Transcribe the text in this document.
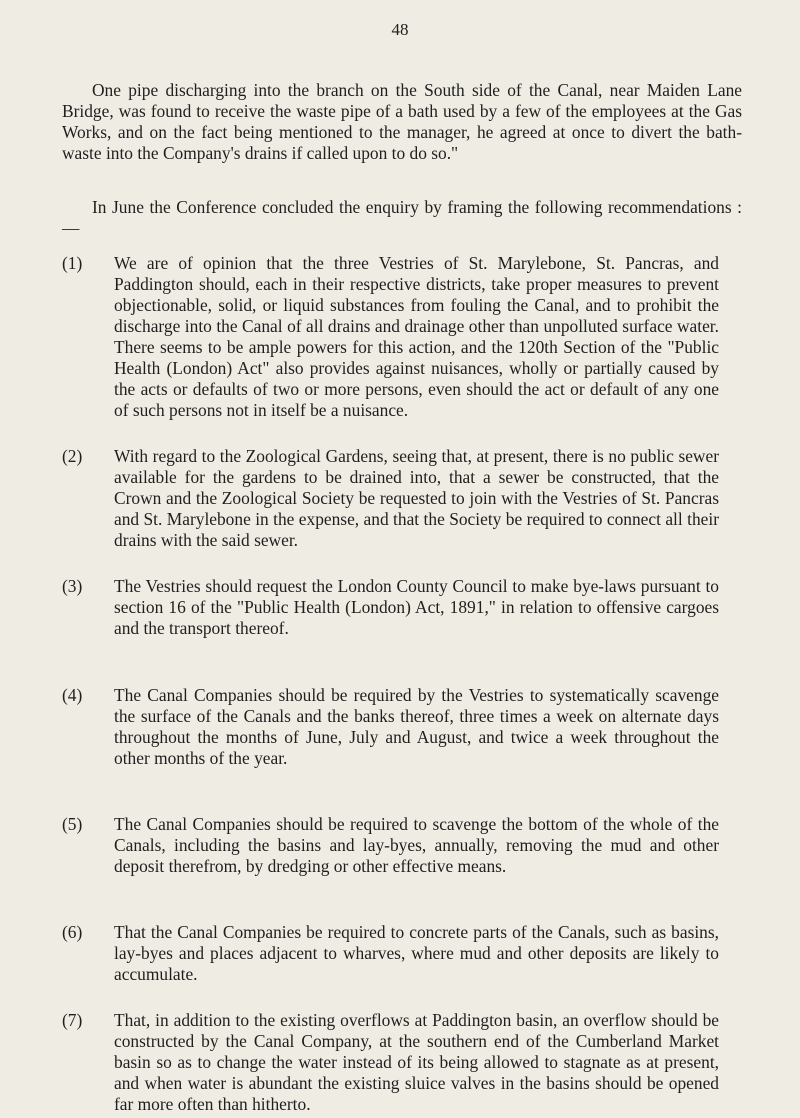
48

One pipe discharging into the branch on the South side of the Canal, near Maiden Lane Bridge, was found to receive the waste pipe of a bath used by a few of the employees at the Gas Works, and on the fact being mentioned to the manager, he agreed at once to divert the bath-waste into the Company's drains if called upon to do so."

In June the Conference concluded the enquiry by framing the following recommendations :—

(1)	We are of opinion that the three Vestries of St. Marylebone, St. Pancras, and Paddington should, each in their respective districts, take proper measures to prevent objectionable, solid, or liquid substances from fouling the Canal, and to prohibit the discharge into the Canal of all drains and drainage other than unpolluted surface water. There seems to be ample powers for this action, and the 120th Section of the "Public Health (London) Act" also provides against nuisances, wholly or partially caused by the acts or defaults of two or more persons, even should the act or default of any one of such persons not in itself be a nuisance.
(2)	With regard to the Zoological Gardens, seeing that, at present, there is no public sewer available for the gardens to be drained into, that a sewer be constructed, that the Crown and the Zoological Society be requested to join with the Vestries of St. Pancras and St. Marylebone in the expense, and that the Society be required to connect all their drains with the said sewer.
(3)	The Vestries should request the London County Council to make bye-laws pursuant to section 16 of the "Public Health (London) Act, 1891," in relation to offensive cargoes and the transport thereof.
(4)	The Canal Companies should be required by the Vestries to systematically scavenge the surface of the Canals and the banks thereof, three times a week on alternate days throughout the months of June, July and August, and twice a week throughout the other months of the year.
(5)	The Canal Companies should be required to scavenge the bottom of the whole of the Canals, including the basins and lay-byes, annually, removing the mud and other deposit therefrom, by dredging or other effective means.
(6)	That the Canal Companies be required to concrete parts of the Canals, such as basins, lay-byes and places adjacent to wharves, where mud and other deposits are likely to accumulate.
(7)	That, in addition to the existing overflows at Paddington basin, an overflow should be constructed by the Canal Company, at the southern end of the Cumberland Market basin so as to change the water instead of its being allowed to stagnate as at present, and when water is abundant the existing sluice valves in the basins should be opened far more often than hitherto.
